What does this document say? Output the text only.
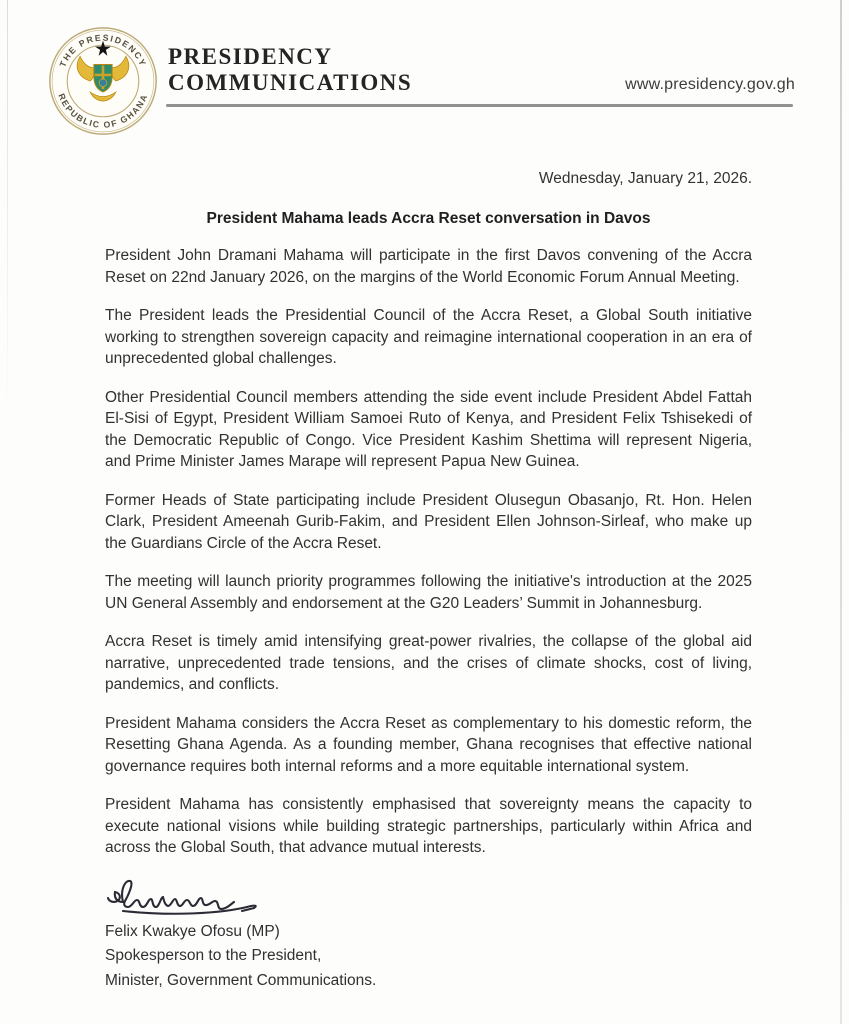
THE PRESIDENCY
REPUBLIC OF GHANA
PRESIDENCY
COMMUNICATIONS	www.presidency.gov.gh
Wednesday, January 21, 2026.
President Mahama leads Accra Reset conversation in Davos

President John Dramani Mahama will participate in the first Davos convening of the Accra Reset on 22nd January 2026, on the margins of the World Economic Forum Annual Meeting.

The President leads the Presidential Council of the Accra Reset, a Global South initiative working to strengthen sovereign capacity and reimagine international cooperation in an era of unprecedented global challenges.

Other Presidential Council members attending the side event include President Abdel Fattah El-Sisi of Egypt, President William Samoei Ruto of Kenya, and President Felix Tshisekedi of the Democratic Republic of Congo. Vice President Kashim Shettima will represent Nigeria, and Prime Minister James Marape will represent Papua New Guinea.

Former Heads of State participating include President Olusegun Obasanjo, Rt. Hon. Helen Clark, President Ameenah Gurib-Fakim, and President Ellen Johnson-Sirleaf, who make up the Guardians Circle of the Accra Reset.

The meeting will launch priority programmes following the initiative's introduction at the 2025 UN General Assembly and endorsement at the G20 Leaders’ Summit in Johannesburg.

Accra Reset is timely amid intensifying great-power rivalries, the collapse of the global aid narrative, unprecedented trade tensions, and the crises of climate shocks, cost of living, pandemics, and conflicts.

President Mahama considers the Accra Reset as complementary to his domestic reform, the Resetting Ghana Agenda. As a founding member, Ghana recognises that effective national governance requires both internal reforms and a more equitable international system.

President Mahama has consistently emphasised that sovereignty means the capacity to execute national visions while building strategic partnerships, particularly within Africa and across the Global South, that advance mutual interests.

Felix Kwakye Ofosu (MP)
Spokesperson to the President,
Minister, Government Communications.
